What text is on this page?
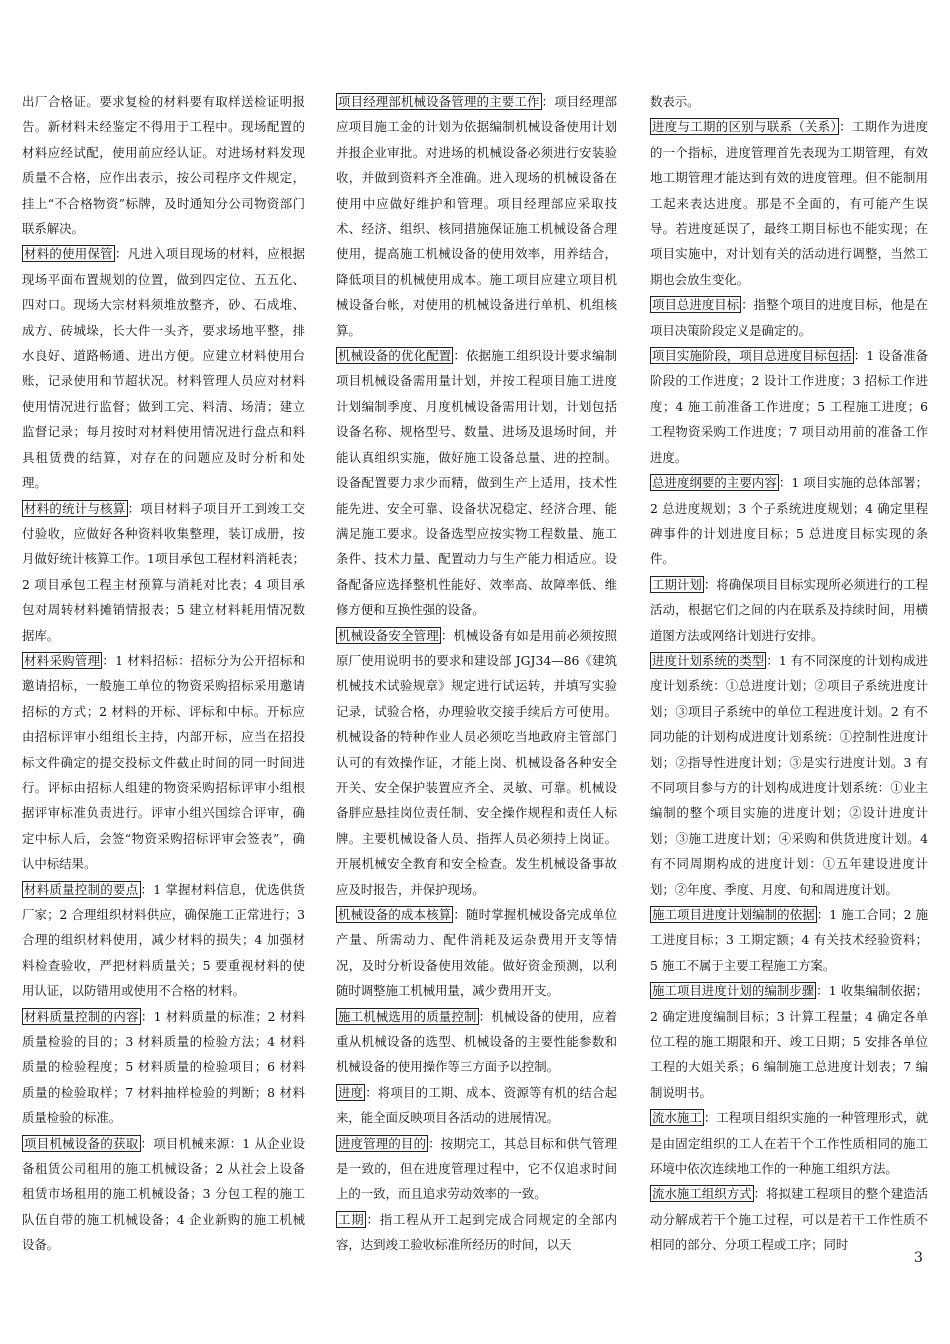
出厂合格证。要求复检的材料要有取样送检证明报告。新材料未经鉴定不得用于工程中。现场配置的材料应经试配，使用前应经认证。对进场材料发现质量不合格，应作出表示，按公司程序文件规定，挂上“不合格物资”标牌，及时通知分公司物资部门联系解决。

材料的使用保管 ：凡进入项目现场的材料，应根据现场平面布置规划的位置，做到四定位、五五化、四对口。现场大宗材料须堆放整齐，砂、石成堆、成方、砖城垛，长大件一头齐，要求场地平整，排水良好、道路畅通、进出方便。应建立材料使用台账，记录使用和节超状况。材料管理人员应对材料使用情况进行监督；做到工完、料清、场清；建立监督记录；每月按时对材料使用情况进行盘点和料具租赁费的结算，对存在的问题应及时分析和处理。

材料的统计与核算 ：项目材料子项目开工到竣工交付验收，应做好各种资料收集整理，装订成册，按月做好统计核算工作。1项目承包工程材料消耗表；2 项目承包工程主材预算与消耗对比表；4 项目承包对周转材料摊销情报表；5 建立材料耗用情况数据库。

材料采购管理 ：1 材料招标：招标分为公开招标和邀请招标，一般施工单位的物资采购招标采用邀请招标的方式；2 材料的开标、评标和中标。开标应由招标评审小组组长主持，内部开标，应当在招投标文件确定的提交投标文件截止时间的同一时间进行。评标由招标人组建的物资采购招标评审小组根据评审标准负责进行。评审小组兴国综合评审，确定中标人后，会签“物资采购招标评审会签表”，确认中标结果。

材料质量控制的要点 ：1 掌握材料信息，优选供货厂家；2 合理组织材料供应，确保施工正常进行；3 合理的组织材料使用，减少材料的损失；4 加强材料检查验收，严把材料质量关；5 要重视材料的使用认证，以防错用或使用不合格的材料。

材料质量控制的内容 ：1 材料质量的标准；2 材料质量检验的目的；3 材料质量的检验方法；4 材料质量的检验程度；5 材料质量的检验项目；6 材料质量的检验取样；7 材料抽样检验的判断；8 材料质量检验的标准。

项目机械设备的获取 ：项目机械来源：1 从企业设备租赁公司租用的施工机械设备；2 从社会上设备租赁市场租用的施工机械设备；3 分包工程的施工队伍自带的施工机械设备；4 企业新购的施工机械设备。

项目经理部机械设备管理的主要工作 ：项目经理部应项目施工金的计划为依据编制机械设备使用计划并报企业审批。对进场的机械设备必须进行安装验收，并做到资料齐全准确。进入现场的机械设备在使用中应做好维护和管理。项目经理部应采取技术、经济、组织、核同措施保证施工机械设备合理使用，提高施工机械设备的使用效率，用养结合，降低项目的机械使用成本。施工项目应建立项目机械设备台帐，对使用的机械设备进行单机、机组核算。

机械设备的优化配置 ：依据施工组织设计要求编制项目机械设备需用量计划，并按工程项目施工进度计划编制季度、月度机械设备需用计划，计划包括设备名称、规格型号、数量、进场及退场时间，并能认真组织实施，做好施工设备总量、进的控制。设备配置要力求少而精，做到生产上适用，技术性能先进、安全可靠、设备状况稳定、经济合理、能满足施工要求。设备选型应按实物工程数量、施工条件、技术力量、配置动力与生产能力相适应。设备配备应选择整机性能好、效率高、故障率低、维修方便和互换性强的设备。

机械设备安全管理 ：机械设备有如是用前必须按照原厂使用说明书的要求和建设部 JGJ34—86《建筑机械技术试验规章》规定进行试运转，并填写实验记录，试验合格，办理验收交接手续后方可使用。机械设备的特种作业人员必须吃当地政府主管部门认可的有效操作证，才能上岗、机械设备各种安全开关、安全保护装置应齐全、灵敏、可靠。机械设备胖应悬挂岗位责任制、安全操作规程和责任人标牌。主要机械设备人员、指挥人员必须持上岗证。开展机械安全教育和安全检查。发生机械设备事故应及时报告，并保护现场。

机械设备的成本核算 ：随时掌握机械设备完成单位产量、所需动力、配件消耗及运杂费用开支等情况，及时分析设备使用效能。做好资金预测，以利随时调整施工机械用量，减少费用开支。

施工机械选用的质量控制 ：机械设备的使用，应着重从机械设备的选型、机械设备的主要性能参数和机械设备的使用操作等三方面予以控制。

进度 ：将项目的工期、成本、资源等有机的结合起来，能全面反映项目各活动的进展情况。

进度管理的目的 ：按期完工，其总目标和供气管理是一致的，但在进度管理过程中，它不仅追求时间上的一致，而且追求劳动效率的一致。

工期 ：指工程从开工起到完成合同规定的全部内容，达到竣工验收标准所经历的时间，以天

数表示。

进度与工期的区别与联系（关系） ：工期作为进度的一个指标，进度管理首先表现为工期管理，有效地工期管理才能达到有效的进度管理。但不能制用工起来表达进度。那是不全面的，有可能产生误导。若进度延误了，最终工期目标也不能实现；在项目实施中，对计划有关的活动进行调整，当然工期也会放生变化。

项目总进度目标 ：指整个项目的进度目标，他是在项目决策阶段定义是确定的。

项目实施阶段，项目总进度目标包括 ：1 设备准备阶段的工作进度；2 设计工作进度；3 招标工作进度；4 施工前准备工作进度；5 工程施工进度；6 工程物资采购工作进度；7 项目动用前的准备工作进度。

总进度纲要的主要内容 ：1 项目实施的总体部署；2 总进度规划；3 个子系统进度规划；4 确定里程碑事件的计划进度目标；5 总进度目标实现的条件。

工期计划 ：将确保项目目标实现所必须进行的工程活动，根据它们之间的内在联系及持续时间，用横道图方法或网络计划进行安排。

进度计划系统的类型 ：1 有不同深度的计划构成进度计划系统：①总进度计划；②项目子系统进度计划；③项目子系统中的单位工程进度计划。2 有不同功能的计划构成进度计划系统：①控制性进度计划；②指导性进度计划；③是实行进度计划。3 有不同项目参与方的计划构成进度计划系统：①业主编制的整个项目实施的进度计划；②设计进度计划；③施工进度计划；④采购和供货进度计划。4 有不同周期构成的进度计划：①五年建设进度计划；②年度、季度、月度、旬和周进度计划。

施工项目进度计划编制的依据 ：1 施工合同；2 施工进度目标；3 工期定额；4 有关技术经验资料；5 施工不属于主要工程施工方案。

施工项目进度计划的编制步骤 ：1 收集编制依据；2 确定进度编制目标；3 计算工程量；4 确定各单位工程的施工期限和开、竣工日期；5 安排各单位工程的大姐关系；6 编制施工总进度计划表；7 编制说明书。

流水施工 ：工程项目组织实施的一种管理形式，就是由固定组织的工人在若干个工作性质相同的施工环境中依次连续地工作的一种施工组织方法。

流水施工组织方式 ：将拟建工程项目的整个建造活动分解成若干个施工过程，可以是若干工作性质不相同的部分、分项工程或工序；同时

3
